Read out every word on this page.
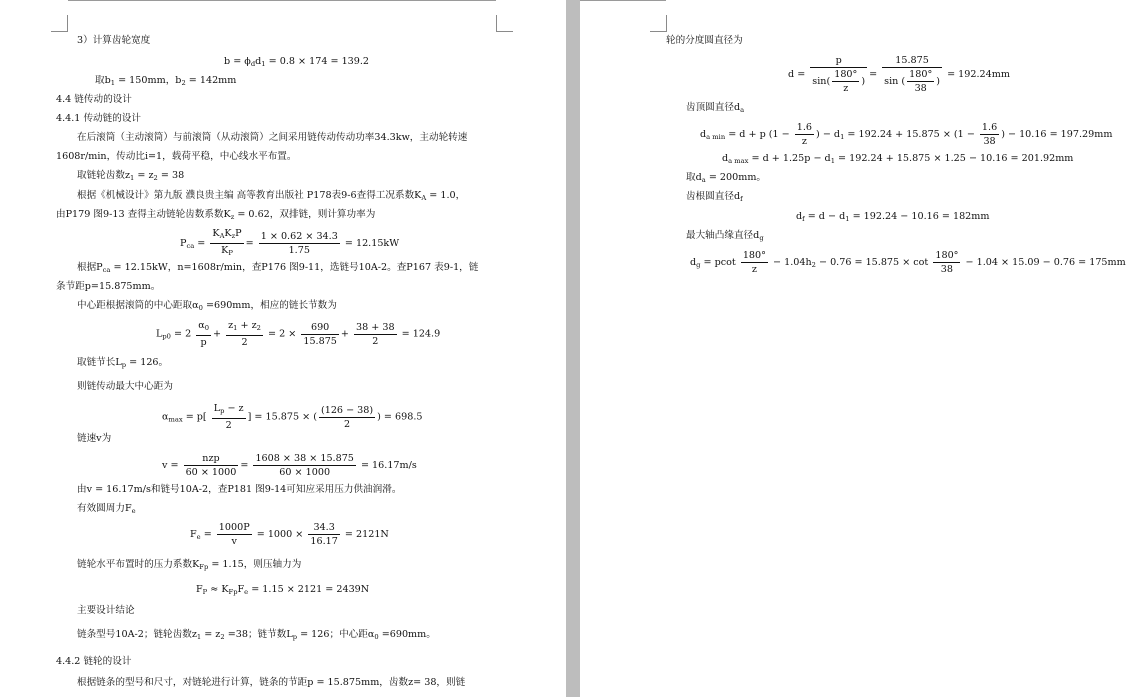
3）计算齿轮宽度
$b = \phi_dd_1 = 0.8 \times 174 = 139.2$
取$b_1 = 150mm$，$b_2 = 142mm$
4.4 链传动的设计
4.4.1 传动链的设计
在后滚筒（主动滚筒）与前滚筒（从动滚筒）之间采用链传动传动功率34.3kw，主动轮转速
1608r/min，传动比i=1，载荷平稳，中心线水平布置。
取链轮齿数$z_1 = z_2 = 38$
根据《机械设计》第九版 濮良贵主编 高等教育出版社 P178表9-6查得工况系数$K_A = 1.0$，
由P179 图9-13 查得主动链轮齿数系数$K_z = 0.62$，双排链，则计算功率为
$P_{ca} = \frac{K_AK_zP}{K_P} = \frac{1 \times 0.62 \times 34.3}{1.75} = 12.15kW$
根据$P_{ca} = 12.15kW$，n=1608r/min，查P176 图9-11，选链号10A-2。查P167 表9-1，链
条节距p=15.875mm。
中心距根据滚筒的中心距取$\alpha_0 =690mm$，相应的链长节数为
$L_{p0} = 2 \frac{\alpha_0}{p} + \frac{z_1 + z_2}{2} = 2 \times \frac{690}{15.875} + \frac{38 + 38}{2} = 124.9$
取链节长$L_p = 126$。
则链传动最大中心距为
$\alpha_{max} = p[ \frac{L_p - z}{2}$ ] = 15.875 × ( $\frac{(126 - 38)}{2}$ ) = 698.5
链速v为
$v = \frac{\text{nzp}}{60 \times 1000} = \frac{1608 \times 38 \times 15.875}{60 \times 1000} = 16.17m/s$
由v = 16.17m/s和链号10A-2，查P181 图9-14可知应采用压力供油润滑。
有效圆周力$F_e$
$F_e = \frac{1000P}{v} = 1000 \times \frac{34.3}{16.17} = 2121N$
链轮水平布置时的压力系数$K_{Fp} = 1.15$，则压轴力为
$F_P \approx K_{Fp}F_e = 1.15 \times 2121 = 2439N$
主要设计结论
链条型号10A-2；链轮齿数$z_1 = z_2 =38$；链节数$L_p = 126$；中心距$\alpha_0 =690mm$。
4.4.2 链轮的设计
根据链条的型号和尺寸，对链轮进行计算，链条的节距p = 15.875mm，齿数z= 38，则链
轮的分度圆直径为
$d = \frac{p}{\sin( \frac{180^\circ}{z} )} = \frac{15.875}{\sin ( \frac{180^\circ}{38} )} = 192.24mm$
齿顶圆直径$d_a$
$d_{a min} = d + p$ ($1 - \frac{1.6}{z}$ ) − $d_1 = 192.24 + 15.875 \times (1 - \frac{1.6}{38}$ ) − 10.16 = 197.29mm
$d_{a max} = d + 1.25p - d_1 = 192.24 + 15.875 \times 1.25 - 10.16 = 201.92mm$
取$d_a = 200mm$。
齿根圆直径$d_f$
$d_f = d - d_1 = 192.24 - 10.16 = 182mm$
最大轴凸缘直径$d_g$
$d_g = pcot \frac{180^\circ}{z} - 1.04h_2 - 0.76 = 15.875 \times \cot \frac{180^\circ}{38} - 1.04 \times 15.09 - 0.76 = 175mm$
